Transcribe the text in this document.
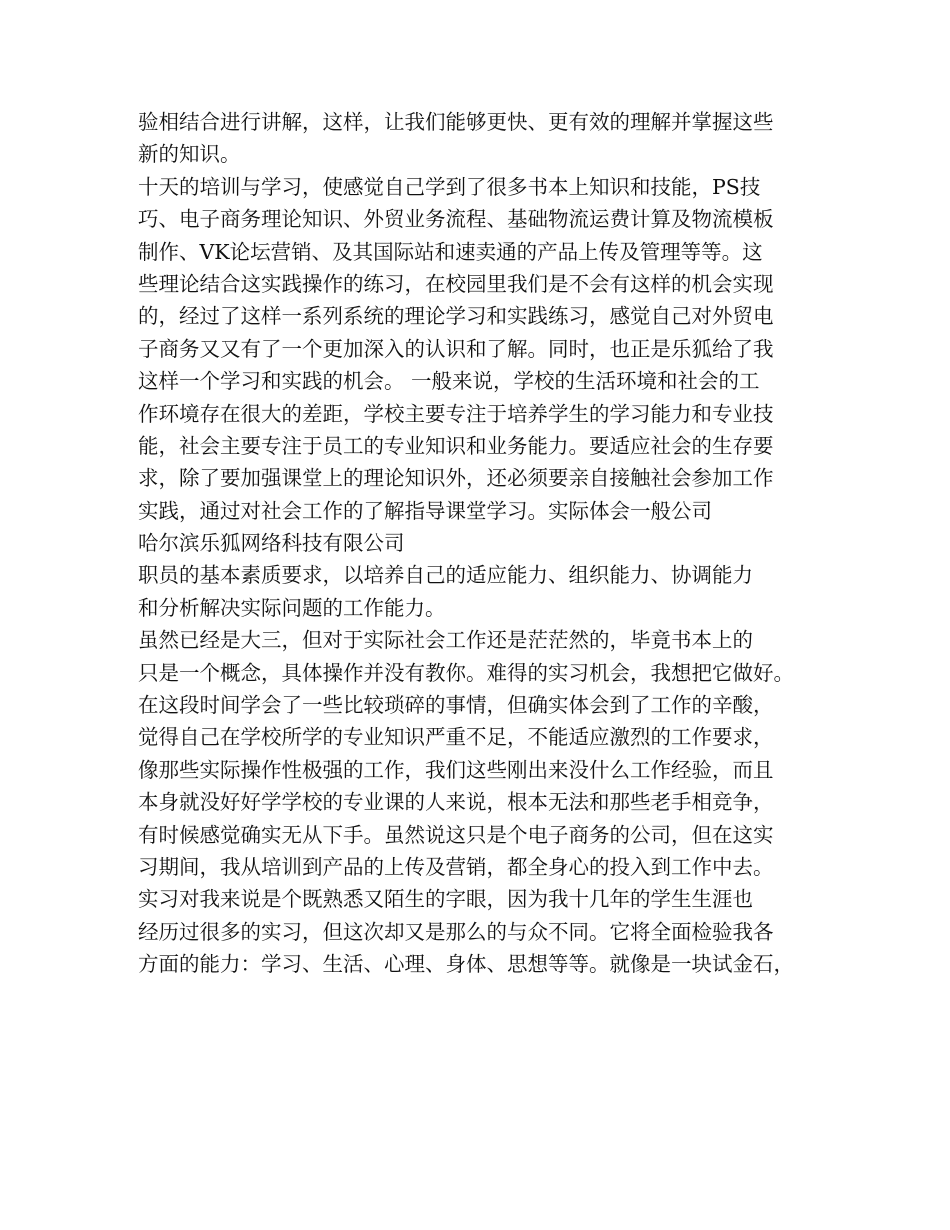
验相结合进行讲解，这样，让我们能够更快、更有效的理解并掌握这些
新的知识。
十天的培训与学习，使感觉自己学到了很多书本上知识和技能，PS技
巧、电子商务理论知识、外贸业务流程、基础物流运费计算及物流模板
制作、VK论坛营销、及其国际站和速卖通的产品上传及管理等等。这
些理论结合这实践操作的练习，在校园里我们是不会有这样的机会实现
的，经过了这样一系列系统的理论学习和实践练习，感觉自己对外贸电
子商务又又有了一个更加深入的认识和了解。同时，也正是乐狐给了我
这样一个学习和实践的机会。 一般来说，学校的生活环境和社会的工
作环境存在很大的差距，学校主要专注于培养学生的学习能力和专业技
能，社会主要专注于员工的专业知识和业务能力。要适应社会的生存要
求，除了要加强课堂上的理论知识外，还必须要亲自接触社会参加工作
实践，通过对社会工作的了解指导课堂学习。实际体会一般公司
哈尔滨乐狐网络科技有限公司
职员的基本素质要求，以培养自己的适应能力、组织能力、协调能力
和分析解决实际问题的工作能力。
虽然已经是大三，但对于实际社会工作还是茫茫然的，毕竟书本上的
只是一个概念，具体操作并没有教你。难得的实习机会，我想把它做好。
在这段时间学会了一些比较琐碎的事情，但确实体会到了工作的辛酸，
觉得自己在学校所学的专业知识严重不足，不能适应激烈的工作要求，
像那些实际操作性极强的工作，我们这些刚出来没什么工作经验，而且
本身就没好好学学校的专业课的人来说，根本无法和那些老手相竞争，
有时候感觉确实无从下手。虽然说这只是个电子商务的公司，但在这实
习期间，我从培训到产品的上传及营销，都全身心的投入到工作中去。
实习对我来说是个既熟悉又陌生的字眼，因为我十几年的学生生涯也
经历过很多的实习，但这次却又是那么的与众不同。它将全面检验我各
方面的能力：学习、生活、心理、身体、思想等等。就像是一块试金石，
